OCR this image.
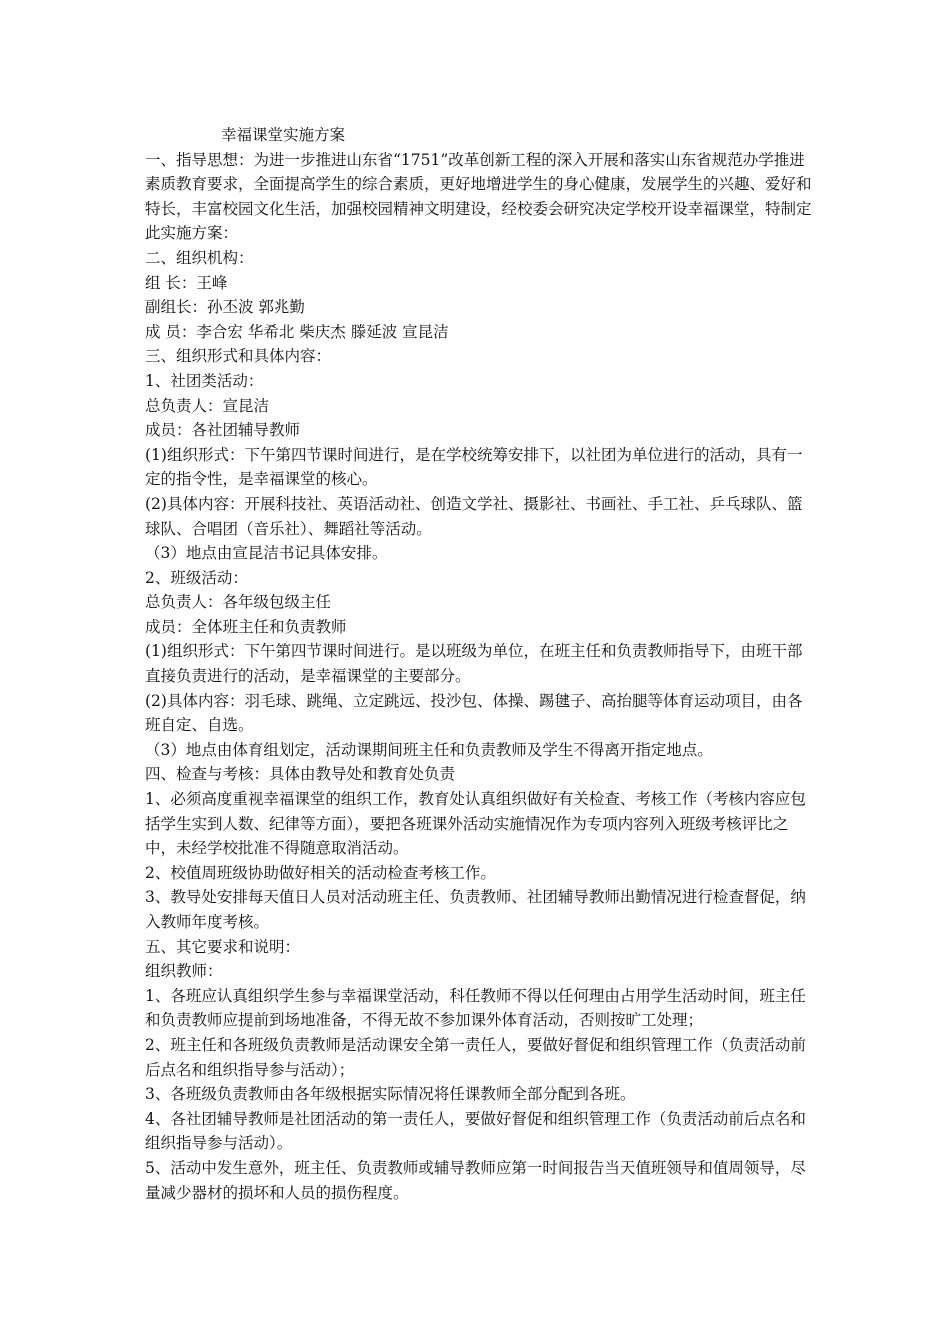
幸福课堂实施方案

一、指导思想：为进一步推进山东省“1751”改革创新工程的深入开展和落实山东省规范办学推进素质教育要求，全面提高学生的综合素质，更好地增进学生的身心健康，发展学生的兴趣、爱好和特长，丰富校园文化生活，加强校园精神文明建设，经校委会研究决定学校开设幸福课堂，特制定此实施方案：

二、组织机构：

组 长：王峰

副组长：孙丕波 郭兆勤

成 员：李合宏 华希北 柴庆杰 滕延波 宣昆洁

三、组织形式和具体内容：

1、社团类活动：

总负责人：宣昆洁

成员：各社团辅导教师

(1)组织形式：下午第四节课时间进行，是在学校统筹安排下，以社团为单位进行的活动，具有一定的指令性，是幸福课堂的核心。

(2)具体内容：开展科技社、英语活动社、创造文学社、摄影社、书画社、手工社、乒乓球队、篮球队、合唱团（音乐社）、舞蹈社等活动。

（3）地点由宣昆洁书记具体安排。

2、班级活动：

总负责人：各年级包级主任

成员：全体班主任和负责教师

(1)组织形式：下午第四节课时间进行。是以班级为单位，在班主任和负责教师指导下，由班干部直接负责进行的活动，是幸福课堂的主要部分。

(2)具体内容：羽毛球、跳绳、立定跳远、投沙包、体操、踢毽子、高抬腿等体育运动项目，由各班自定、自选。

（3）地点由体育组划定，活动课期间班主任和负责教师及学生不得离开指定地点。

四、检查与考核：具体由教导处和教育处负责

1、必须高度重视幸福课堂的组织工作，教育处认真组织做好有关检查、考核工作（考核内容应包括学生实到人数、纪律等方面），要把各班课外活动实施情况作为专项内容列入班级考核评比之中，未经学校批准不得随意取消活动。

2、校值周班级协助做好相关的活动检查考核工作。

3、教导处安排每天值日人员对活动班主任、负责教师、社团辅导教师出勤情况进行检查督促，纳入教师年度考核。

五、其它要求和说明：

组织教师：

1、各班应认真组织学生参与幸福课堂活动，科任教师不得以任何理由占用学生活动时间，班主任和负责教师应提前到场地准备，不得无故不参加课外体育活动，否则按旷工处理；

2、班主任和各班级负责教师是活动课安全第一责任人，要做好督促和组织管理工作（负责活动前后点名和组织指导参与活动）；

3、各班级负责教师由各年级根据实际情况将任课教师全部分配到各班。

4、各社团辅导教师是社团活动的第一责任人，要做好督促和组织管理工作（负责活动前后点名和组织指导参与活动）。

5、活动中发生意外，班主任、负责教师或辅导教师应第一时间报告当天值班领导和值周领导，尽量减少器材的损坏和人员的损伤程度。
